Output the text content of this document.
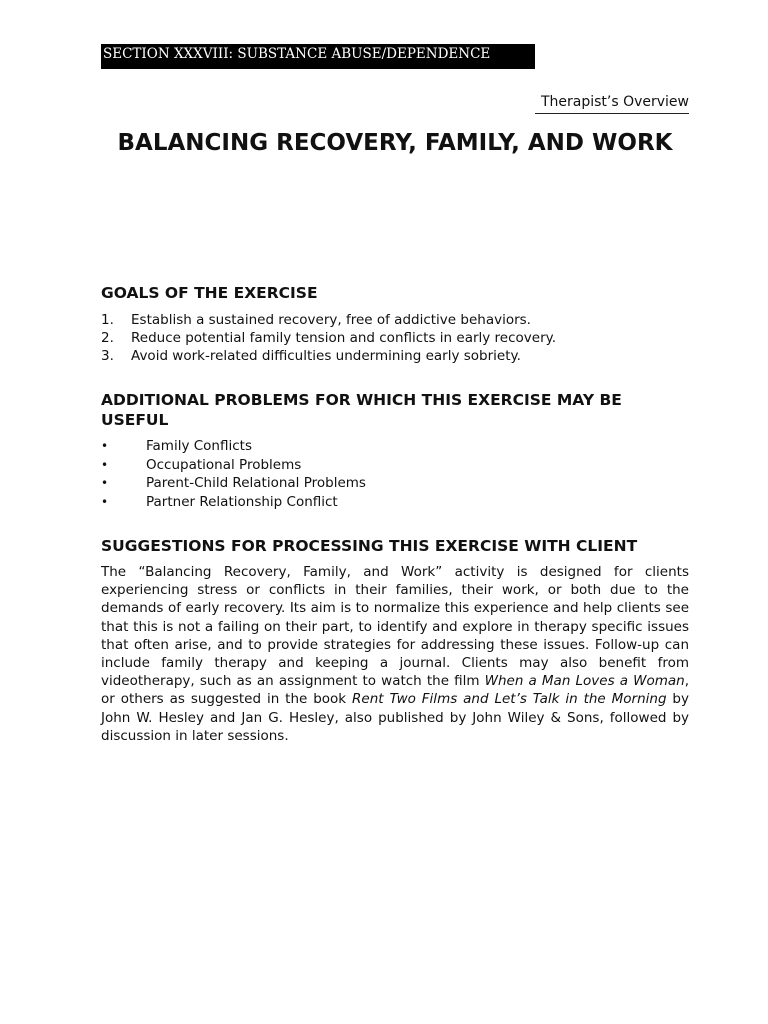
SECTION XXXVIII: SUBSTANCE ABUSE/DEPENDENCE
Therapist’s Overview
BALANCING RECOVERY, FAMILY, AND WORK
GOALS OF THE EXERCISE
1.	Establish a sustained recovery, free of addictive behaviors.
2.	Reduce potential family tension and conflicts in early recovery.
3.	Avoid work-related difficulties undermining early sobriety.
ADDITIONAL PROBLEMS FOR WHICH THIS EXERCISE MAY BE USEFUL
•	Family Conflicts
•	Occupational Problems
•	Parent-Child Relational Problems
•	Partner Relationship Conflict
SUGGESTIONS FOR PROCESSING THIS EXERCISE WITH CLIENT

The “Balancing Recovery, Family, and Work” activity is designed for clients experiencing stress or conflicts in their families, their work, or both due to the demands of early recovery. Its aim is to normalize this experience and help clients see that this is not a failing on their part, to identify and explore in therapy specific issues that often arise, and to provide strategies for addressing these issues. Follow-up can include family therapy and keeping a journal. Clients may also benefit from videotherapy, such as an assignment to watch the film When a Man Loves a Woman, or others as suggested in the book Rent Two Films and Let’s Talk in the Morning by John W. Hesley and Jan G. Hesley, also published by John Wiley & Sons, followed by discussion in later sessions.
